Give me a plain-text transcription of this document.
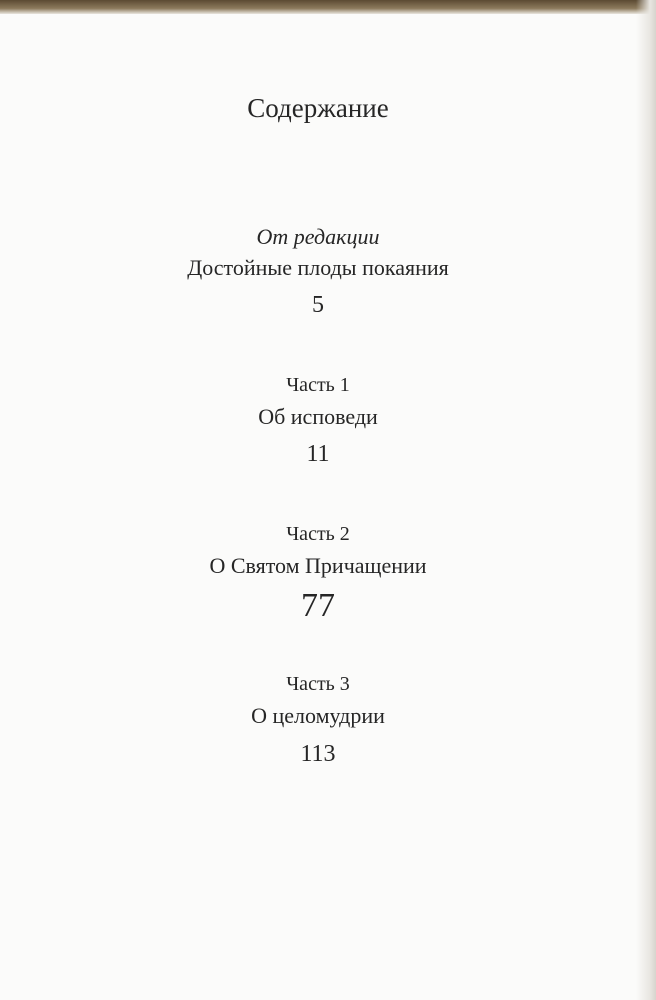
Содержание
От редакции
Достойные плоды покаяния
5
Часть 1
Об исповеди
11
Часть 2
О Святом Причащении
77
Часть 3
О целомудрии
113
